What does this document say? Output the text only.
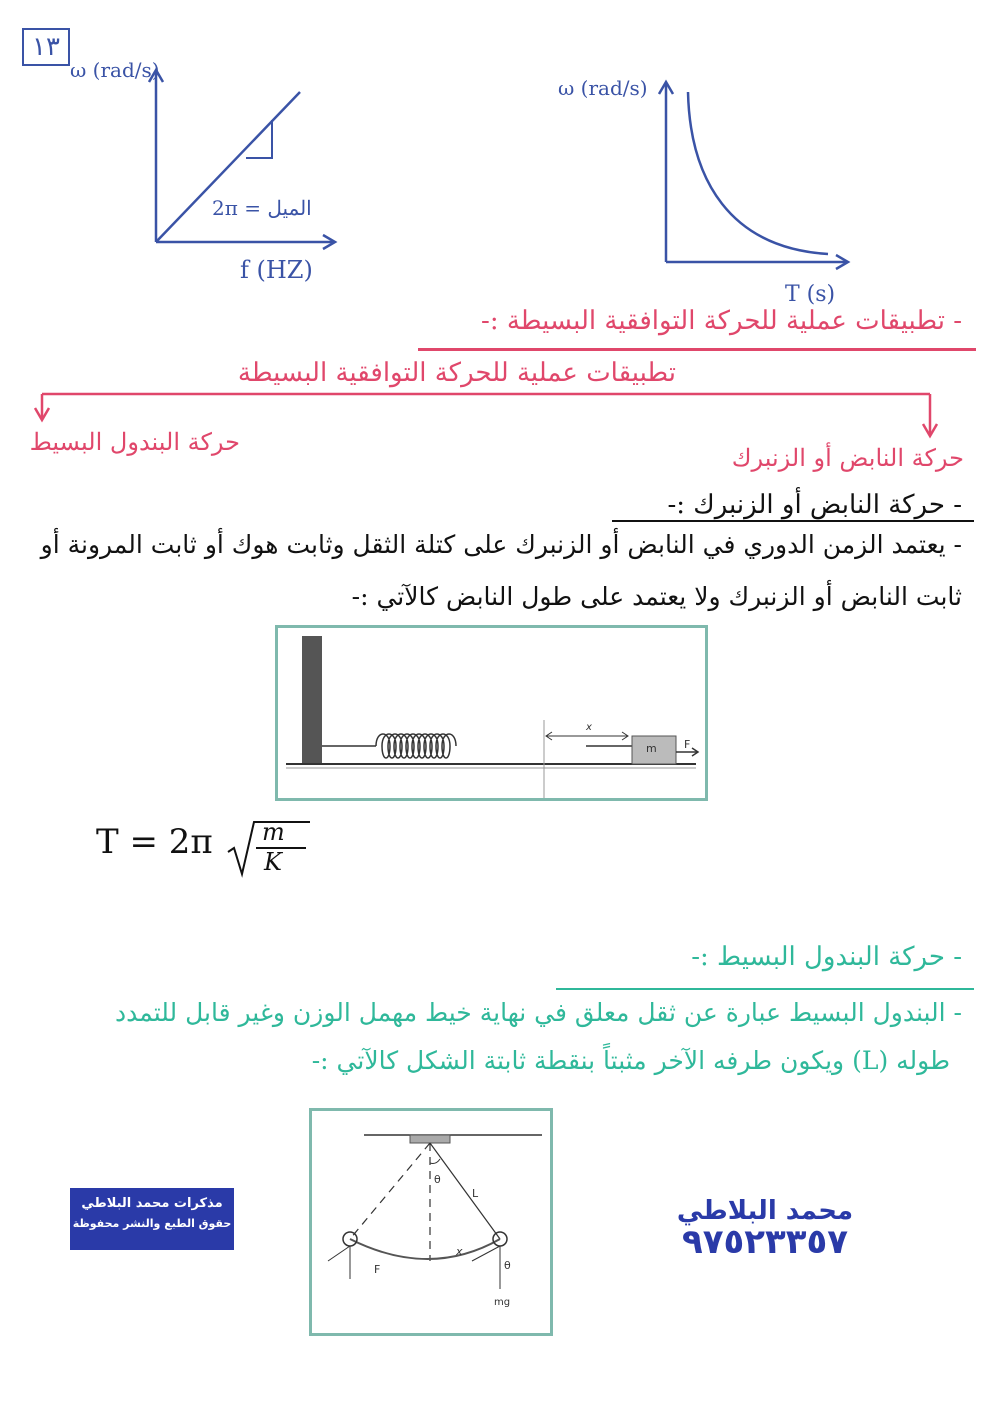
١٣
ω (rad/s)
f (HZ)
2π = الميل
ω (rad/s)
T (s)
- تطبيقات عملية للحركة التوافقية البسيطة :-
تطبيقات عملية للحركة التوافقية البسيطة
حركة البندول البسيط
حركة النابض أو الزنبرك
- حركة النابض أو الزنبرك :-
- يعتمد الزمن الدوري في النابض أو الزنبرك على كتلة الثقل وثابت هوك أو ثابت المرونة أو
ثابت النابض أو الزنبرك ولا يعتمد على طول النابض كالآتي :-
x
m F
T = 2π m
K
- حركة البندول البسيط :-
- البندول البسيط عبارة عن ثقل معلق في نهاية خيط مهمل الوزن وغير قابل للتمدد
طوله (L) ويكون طرفه الآخر مثبتاً بنقطة ثابتة الشكل كالآتي :-
θ
L
F
x
θ
mg
مذكرات محمد البلاطي
حقوق الطبع والنشر محفوظة	محمد البلاطي
٩٧٥٢٣٣٥٧
